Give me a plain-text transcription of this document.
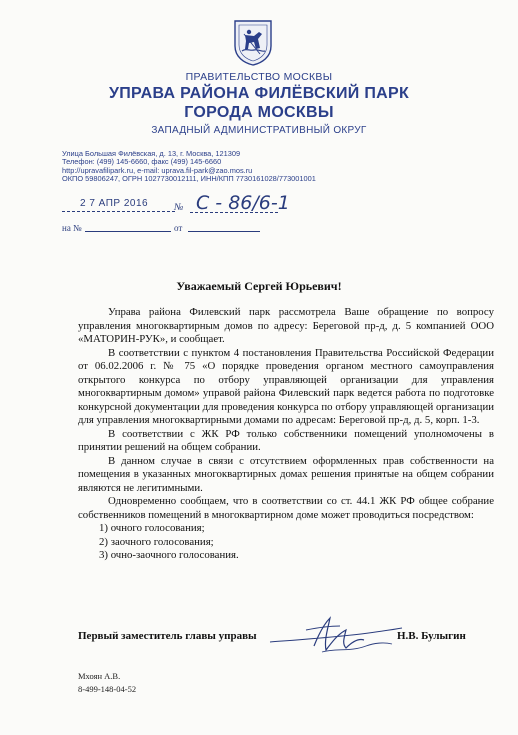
ПРАВИТЕЛЬСТВО МОСКВЫ
УПРАВА РАЙОНА ФИЛЁВСКИЙ ПАРК
ГОРОДА МОСКВЫ
ЗАПАДНЫЙ АДМИНИСТРАТИВНЫЙ ОКРУГ
Улица Большая Филёвская, д. 13, г. Москва, 121309
Телефон: (499) 145-6660, факс (499) 145-6660
http://upravafilipark.ru, e-mail: uprava.fil-park@zao.mos.ru
ОКПО 59806247, ОГРН 1027730012111, ИНН/КПП 7730161028/773001001
2 7 АПР 2016	№ С - 86/6-1
на №	от
Уважаемый Сергей Юрьевич!

Управа района Филевский парк рассмотрела Ваше обращение по вопросу управления многоквартирным домов по адресу: Береговой пр-д, д. 5 компанией ООО «МАТОРИН-РУК», и сообщает.

В соответствии с пунктом 4 постановления Правительства Российской Федерации от 06.02.2006 г. № 75 «О порядке проведения органом местного самоуправления открытого конкурса по отбору управляющей организации для управления многоквартирным домом» управой района Филевский парк ведется работа по подготовке конкурсной документации для проведения конкурса по отбору управляющей организации для управления многоквартирными домами по адресам: Береговой пр-д, д. 5, корп. 1-3.

В соответствии с ЖК РФ только собственники помещений уполномочены в принятии решений на общем собрании.

В данном случае в связи с отсутствием оформленных прав собственности на помещения в указанных многоквартирных домах решения принятые на общем собрании являются не легитимными.

Одновременно сообщаем, что в соответствии со ст. 44.1 ЖК РФ общее собрание собственников помещений в многоквартирном доме может проводиться посредством:

1) очного голосования;
2) заочного голосования;
3) очно-заочного голосования.
Первый заместитель главы управы	Н.В. Булыгин
Мхоян А.В.
8-499-148-04-52
